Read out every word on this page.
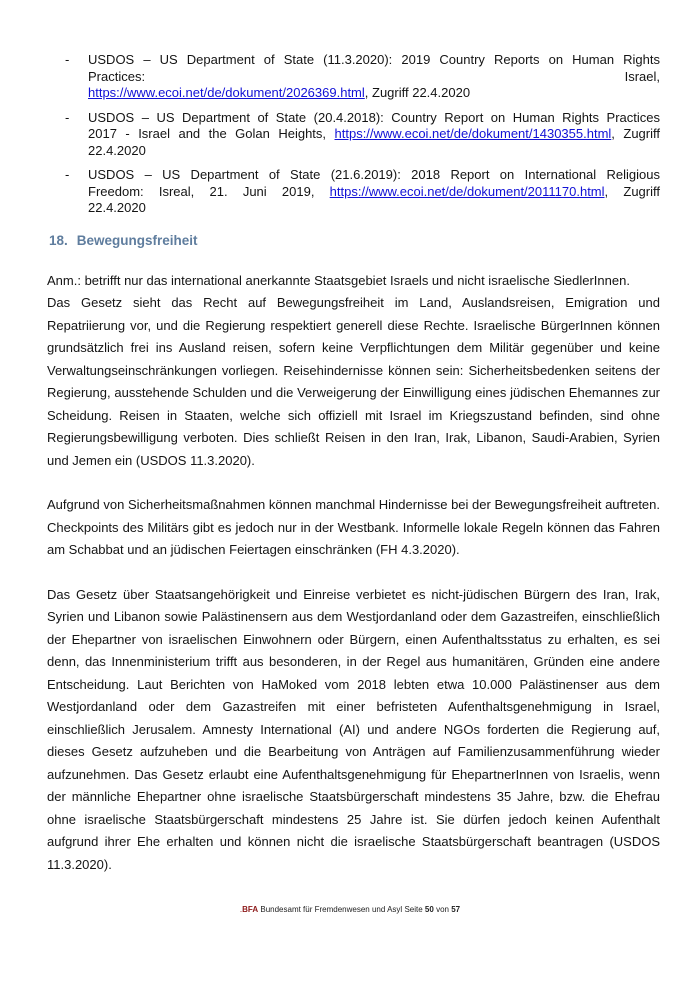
-	USDOS – US Department of State (11.3.2020): 2019 Country Reports on Human Rights
Practices: Israel,
https://www.ecoi.net/de/dokument/2026369.html, Zugriff 22.4.2020
-	USDOS – US Department of State (20.4.2018): Country Report on Human Rights Practices
2017 - Israel and the Golan Heights, https://www.ecoi.net/de/dokument/1430355.html, Zugriff
22.4.2020
-	USDOS – US Department of State (21.6.2019): 2018 Report on International Religious
Freedom: Isreal, 21. Juni 2019, https://www.ecoi.net/de/dokument/2011170.html, Zugriff
22.4.2020
18. Bewegungsfreiheit

Anm.: betrifft nur das international anerkannte Staatsgebiet Israels und nicht israelische SiedlerInnen.

Das Gesetz sieht das Recht auf Bewegungsfreiheit im Land, Auslandsreisen, Emigration und Repatriierung vor, und die Regierung respektiert generell diese Rechte. Israelische BürgerInnen können grundsätzlich frei ins Ausland reisen, sofern keine Verpflichtungen dem Militär gegenüber und keine Verwaltungseinschränkungen vorliegen. Reisehindernisse können sein: Sicherheitsbedenken seitens der Regierung, ausstehende Schulden und die Verweigerung der Einwilligung eines jüdischen Ehemannes zur Scheidung. Reisen in Staaten, welche sich offiziell mit Israel im Kriegszustand befinden, sind ohne Regierungsbewilligung verboten. Dies schließt Reisen in den Iran, Irak, Libanon, Saudi-Arabien, Syrien und Jemen ein (USDOS 11.3.2020).

Aufgrund von Sicherheitsmaßnahmen können manchmal Hindernisse bei der Bewegungsfreiheit auftreten. Checkpoints des Militärs gibt es jedoch nur in der Westbank. Informelle lokale Regeln können das Fahren am Schabbat und an jüdischen Feiertagen einschränken (FH 4.3.2020).

Das Gesetz über Staatsangehörigkeit und Einreise verbietet es nicht-jüdischen Bürgern des Iran, Irak, Syrien und Libanon sowie Palästinensern aus dem Westjordanland oder dem Gazastreifen, einschließlich der Ehepartner von israelischen Einwohnern oder Bürgern, einen Aufenthaltsstatus zu erhalten, es sei denn, das Innenministerium trifft aus besonderen, in der Regel aus humanitären, Gründen eine andere Entscheidung. Laut Berichten von HaMoked vom 2018 lebten etwa 10.000 Palästinenser aus dem Westjordanland oder dem Gazastreifen mit einer befristeten Aufenthaltsgenehmigung in Israel, einschließlich Jerusalem. Amnesty International (AI) und andere NGOs forderten die Regierung auf, dieses Gesetz aufzuheben und die Bearbeitung von Anträgen auf Familienzusammenführung wieder aufzunehmen. Das Gesetz erlaubt eine Aufenthaltsgenehmigung für EhepartnerInnen von Israelis, wenn der männliche Ehepartner ohne israelische Staatsbürgerschaft mindestens 35 Jahre, bzw. die Ehefrau ohne israelische Staatsbürgerschaft mindestens 25 Jahre ist. Sie dürfen jedoch keinen Aufenthalt aufgrund ihrer Ehe erhalten und können nicht die israelische Staatsbürgerschaft beantragen (USDOS 11.3.2020).

.BFA Bundesamt für Fremdenwesen und Asyl Seite 50 von 57
